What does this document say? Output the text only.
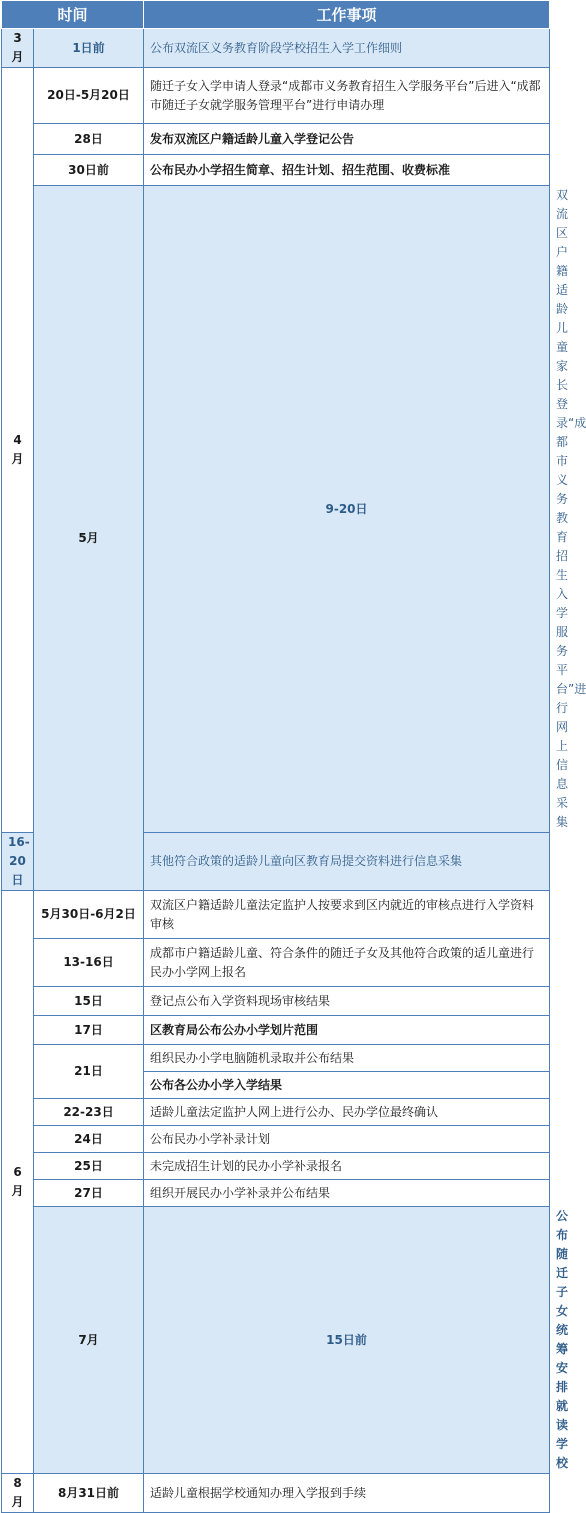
时间		工作事项	
3月	1日前	公布双流区义务教育阶段学校招生入学工作细则	
4月	20日-5月20日	随迁子女入学申请人登录“成都市义务教育招生入学服务平台”后进入“成都市随迁子女就学服务管理平台”进行申请办理	
	28日	发布双流区户籍适龄儿童入学登记公告	
	30日前	公布民办小学招生简章、招生计划、招生范围、收费标准	
	5月	9-20日	双流区户籍适龄儿童家长登录“成都市义务教育招生入学服务平台”进行网上信息采集
16-20日		其他符合政策的适龄儿童向区教育局提交资料进行信息采集	
6月	5月30日-6月2日	双流区户籍适龄儿童法定监护人按要求到区内就近的审核点进行入学资料审核	
	13-16日	成都市户籍适龄儿童、符合条件的随迁子女及其他符合政策的适儿童进行民办小学网上报名	
	15日	登记点公布入学资料现场审核结果	
	17日	区教育局公布公办小学划片范围	
	21日	组织民办小学电脑随机录取并公布结果	
		公布各公办小学入学结果	
	22-23日	适龄儿童法定监护人网上进行公办、民办学位最终确认	
	24日	公布民办小学补录计划	
	25日	未完成招生计划的民办小学补录报名	
	27日	组织开展民办小学补录并公布结果	
	7月	15日前	公布随迁子女统筹安排就读学校
8月	8月31日前	适龄儿童根据学校通知办理入学报到手续	
